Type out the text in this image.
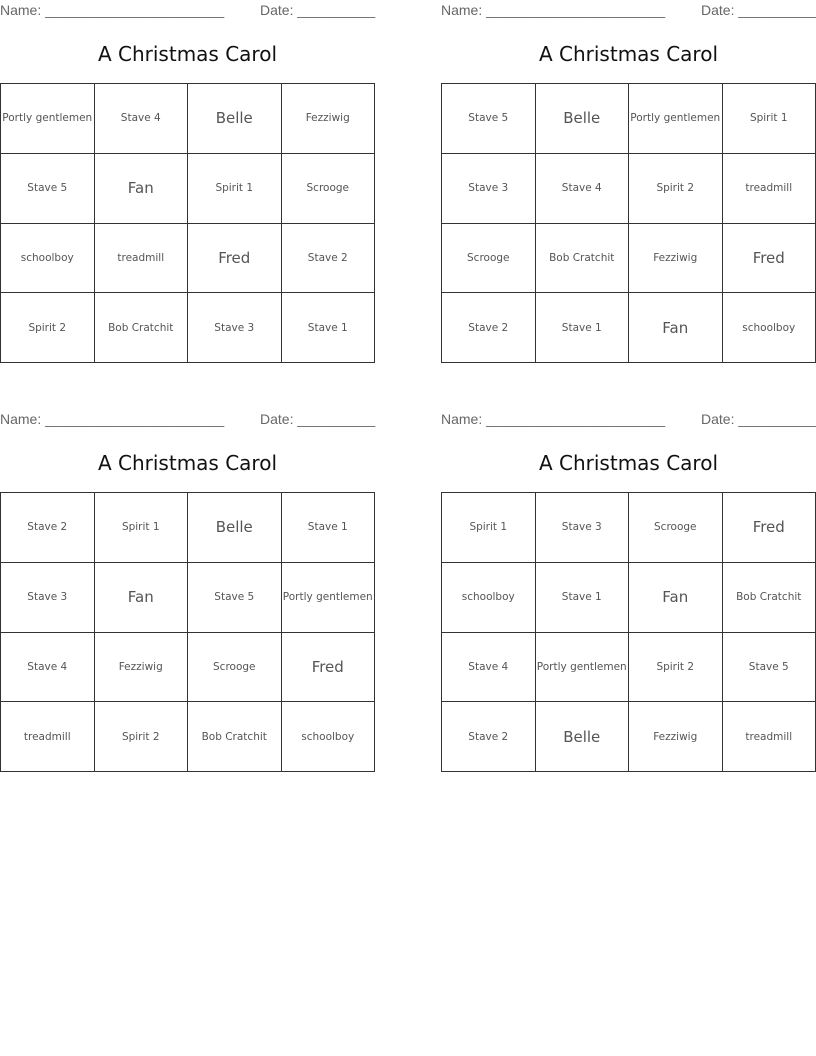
Name: _______________________	Date: __________
A Christmas Carol
Portly gentlemen	Stave 4	Belle	Fezziwig
Stave 5	Fan	Spirit 1	Scrooge
schoolboy	treadmill	Fred	Stave 2
Spirit 2	Bob Cratchit	Stave 3	Stave 1
Name: _______________________	Date: __________
A Christmas Carol
Stave 5	Belle	Portly gentlemen	Spirit 1
Stave 3	Stave 4	Spirit 2	treadmill
Scrooge	Bob Cratchit	Fezziwig	Fred
Stave 2	Stave 1	Fan	schoolboy
Name: _______________________	Date: __________
A Christmas Carol
Stave 2	Spirit 1	Belle	Stave 1
Stave 3	Fan	Stave 5	Portly gentlemen
Stave 4	Fezziwig	Scrooge	Fred
treadmill	Spirit 2	Bob Cratchit	schoolboy
Name: _______________________	Date: __________
A Christmas Carol
Spirit 1	Stave 3	Scrooge	Fred
schoolboy	Stave 1	Fan	Bob Cratchit
Stave 4	Portly gentlemen	Spirit 2	Stave 5
Stave 2	Belle	Fezziwig	treadmill
